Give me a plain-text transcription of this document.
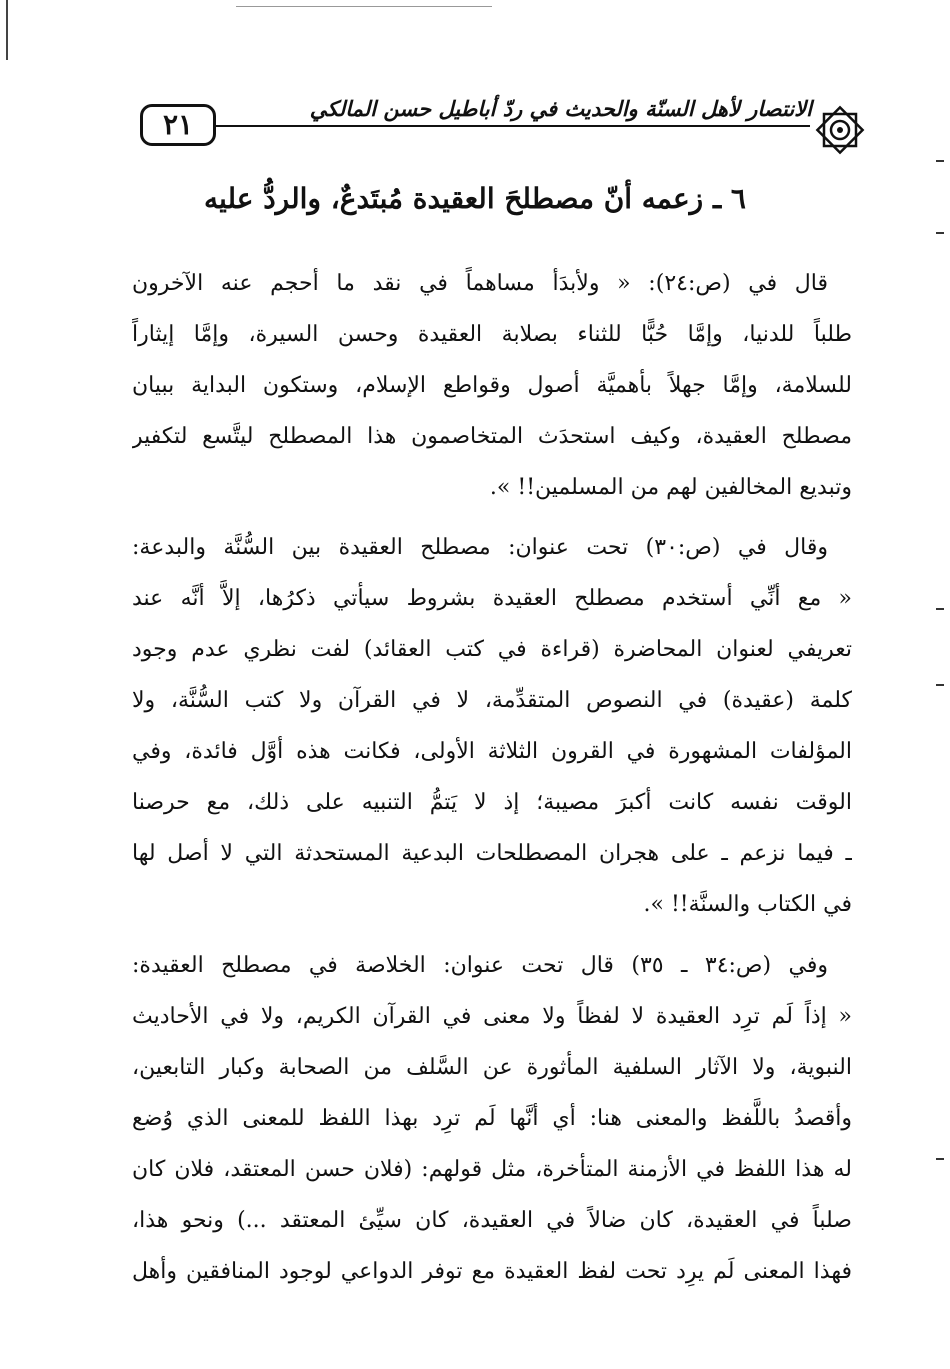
٢١	الانتصار لأهل السنّة والحديث في ردّ أباطيل حسن المالكي
٦ ـ زعمه أنّ مصطلحَ العقيدة مُبتَدعٌ، والردُّ عليه
قال في (ص:٢٤): « ولأبدَأ مساهماً في نقد ما أحجم عنه الآخرون
طلباً للدنيا، وإمَّا حُبًّا للثناء بصلابة العقيدة وحسن السيرة، وإمَّا إيثاراً
للسلامة، وإمَّا جهلاً بأهميَّة أصول وقواطع الإسلام، وستكون البداية ببيان
مصطلح العقيدة، وكيف استحدَث المتخاصمون هذا المصطلح ليتَّسع لتكفير
وتبديع المخالفين لهم من المسلمين!! ».
وقال في (ص:٣٠) تحت عنوان: مصطلح العقيدة بين السُّنَّة والبدعة:
« مع أنِّي أستخدم مصطلح العقيدة بشروط سيأتي ذكرُها، إلاَّ أنَّه عند
تعريفي لعنوان المحاضرة (قراءة في كتب العقائد) لفت نظري عدم وجود
كلمة (عقيدة) في النصوص المتقدِّمة، لا في القرآن ولا كتب السُّنَّة، ولا
المؤلفات المشهورة في القرون الثلاثة الأولى، فكانت هذه أوَّل فائدة، وفي
الوقت نفسه كانت أكبرَ مصيبة؛ إذ لا يَتمُّ التنبيه على ذلك، مع حرصنا
ـ فيما نزعم ـ على هجران المصطلحات البدعية المستحدثة التي لا أصل لها
في الكتاب والسنَّة!! ».
وفي (ص:٣٤ ـ ٣٥) قال تحت عنوان: الخلاصة في مصطلح العقيدة:
« إذاً لَم ترِد العقيدة لا لفظاً ولا معنى في القرآن الكريم، ولا في الأحاديث
النبوية، ولا الآثار السلفية المأثورة عن السَّلف من الصحابة وكبار التابعين،
وأقصدُ باللَّفظ والمعنى هنا: أي أنَّها لَم ترِد بهذا اللفظ للمعنى الذي وُضع
له هذا اللفظ في الأزمنة المتأخرة، مثل قولهم: (فلان حسن المعتقد، فلان كان
صلباً في العقيدة، كان ضالاً في العقيدة، كان سيِّئ المعتقد ...) ونحو هذا،
فهذا المعنى لَم يرِد تحت لفظ العقيدة مع توفر الدواعي لوجود المنافقين وأهل
